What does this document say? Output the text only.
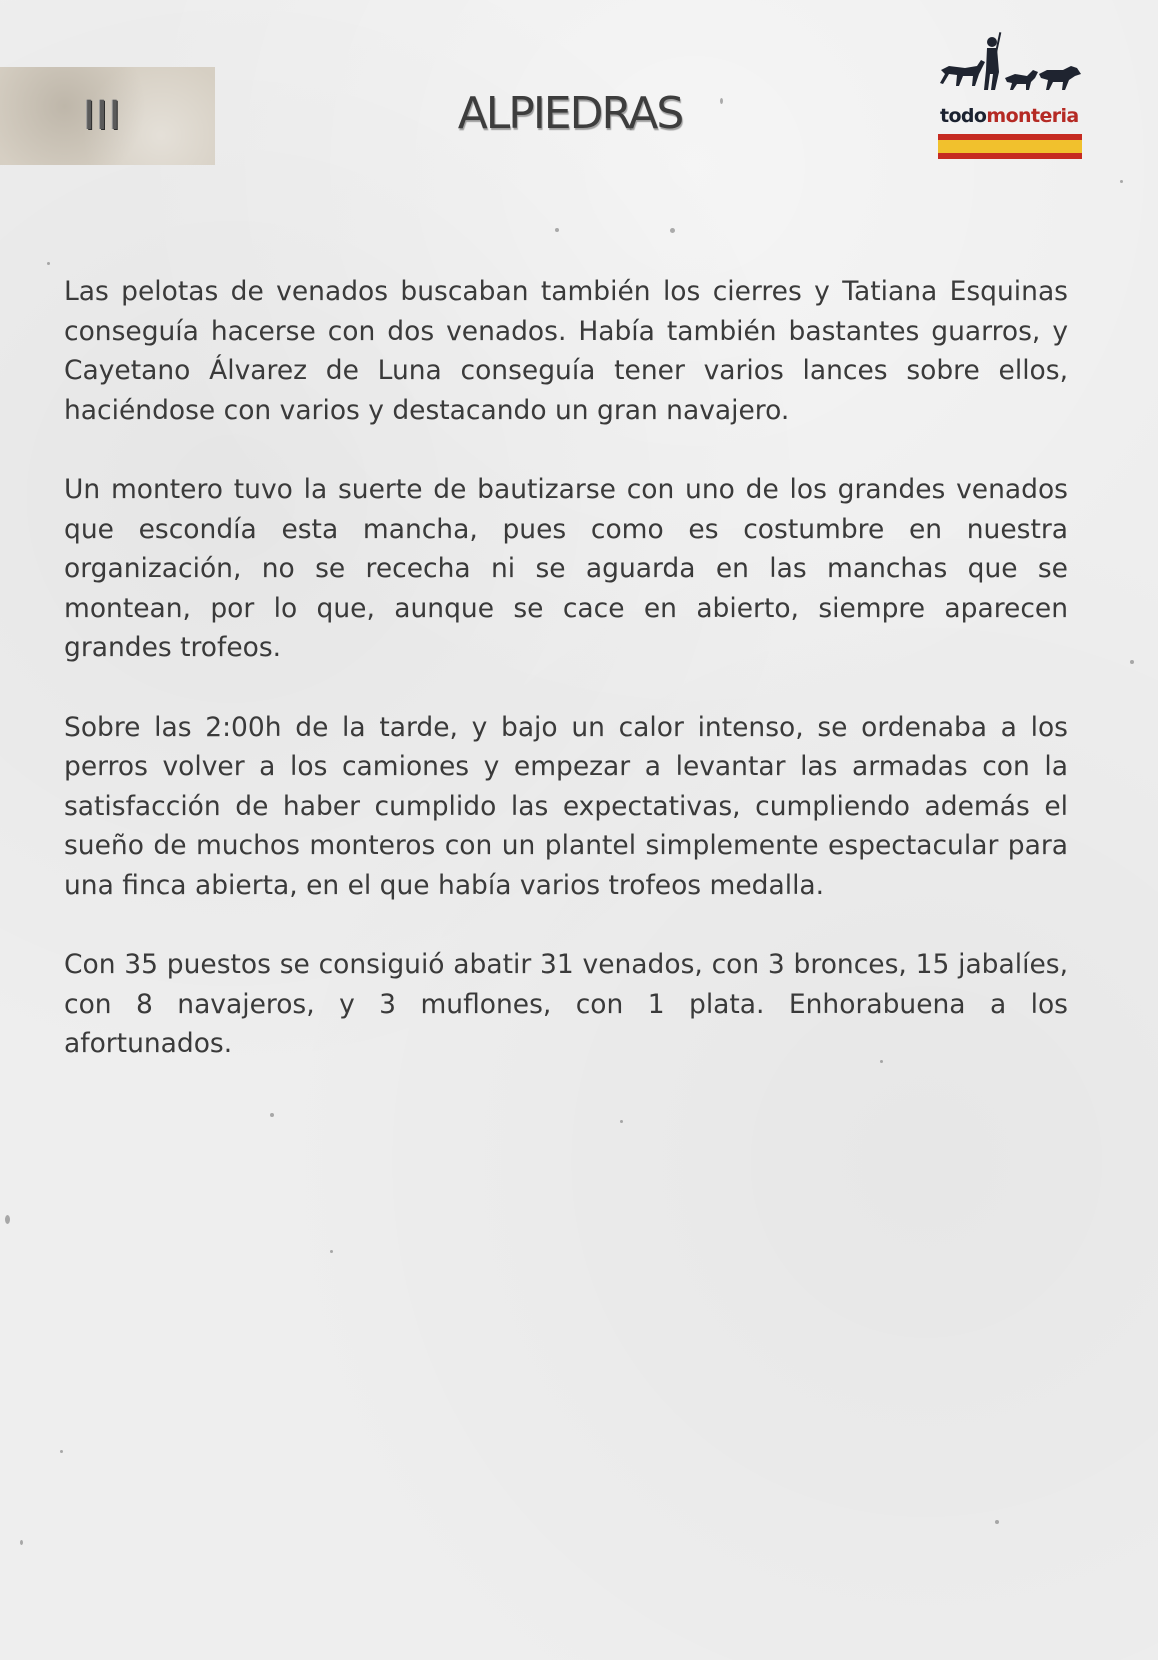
III	ALPIEDRAS	todomonteria

Las pelotas de venados buscaban también los cierres y Tatiana Esquinas conseguía hacerse con dos venados. Había también bastantes guarros, y Cayetano Álvarez de Luna conseguía tener varios lances sobre ellos, haciéndose con varios y destacando un gran navajero.

Un montero tuvo la suerte de bautizarse con uno de los grandes venados que escondía esta mancha, pues como es costumbre en nuestra organización, no se rececha ni se aguarda en las manchas que se montean, por lo que, aunque se cace en abierto, siempre aparecen grandes trofeos.

Sobre las 2:00h de la tarde, y bajo un calor intenso, se ordenaba a los perros volver a los camiones y empezar a levantar las armadas con la satisfacción de haber cumplido las expectativas, cumpliendo además el sueño de muchos monteros con un plantel simplemente espectacular para una finca abierta, en el que había varios trofeos medalla.

Con 35 puestos se consiguió abatir 31 venados, con 3 bronces, 15 jabalíes, con 8 navajeros, y 3 muflones, con 1 plata. Enhorabuena a los afortunados.
